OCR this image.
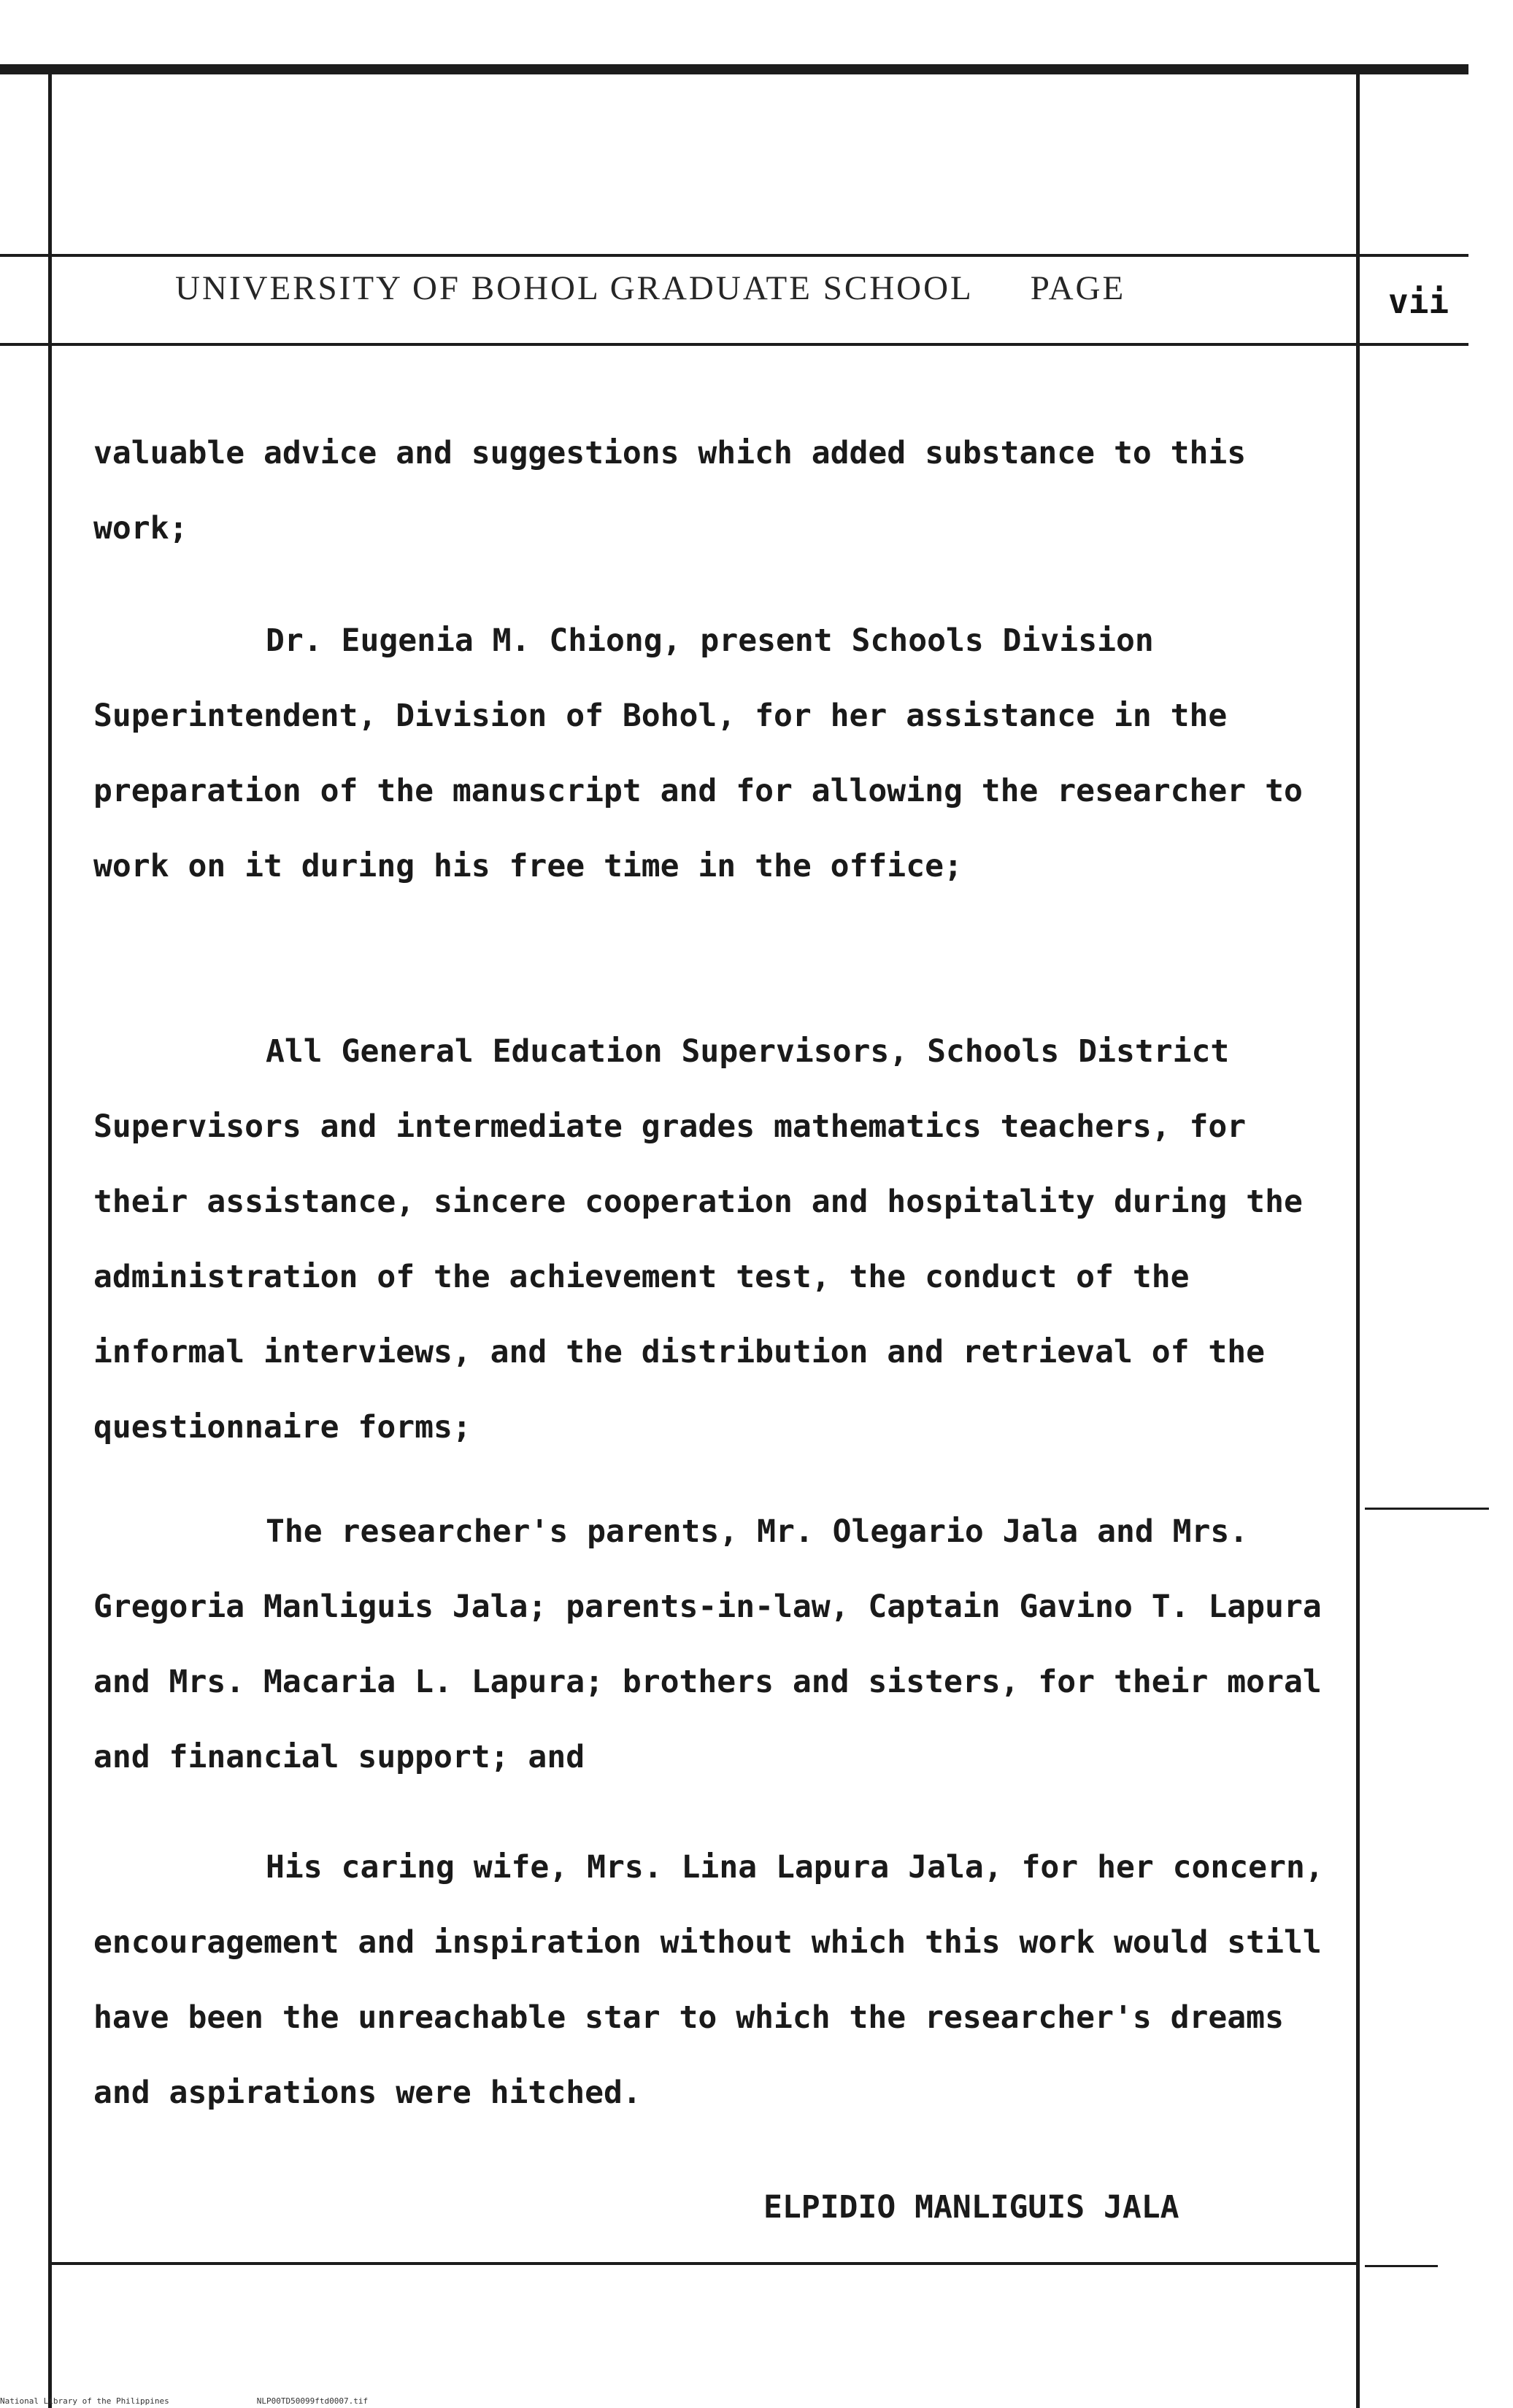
UNIVERSITY OF BOHOL GRADUATE SCHOOL PAGE	vii
valuable advice and suggestions which added substance to this work;
Dr. Eugenia M. Chiong, present Schools Division Superintendent, Division of Bohol, for her assistance in the preparation of the manuscript and for allowing the researcher to work on it during his free time in the office;
All General Education Supervisors, Schools District Supervisors and intermediate grades mathematics teachers, for their assistance, sincere cooperation and hospitality during the administration of the achievement test, the conduct of the informal interviews, and the distribution and retrieval of the questionnaire forms;
The researcher's parents, Mr. Olegario Jala and Mrs. Gregoria Manliguis Jala; parents-in-law, Captain Gavino T. Lapura and Mrs. Macaria L. Lapura; brothers and sisters, for their moral and financial support; and
His caring wife, Mrs. Lina Lapura Jala, for her concern, encouragement and inspiration without which this work would still have been the unreachable star to which the researcher's dreams and aspirations were hitched.
ELPIDIO MANLIGUIS JALA
National Library of the Philippines	NLP00TD50099ftd0007.tif
